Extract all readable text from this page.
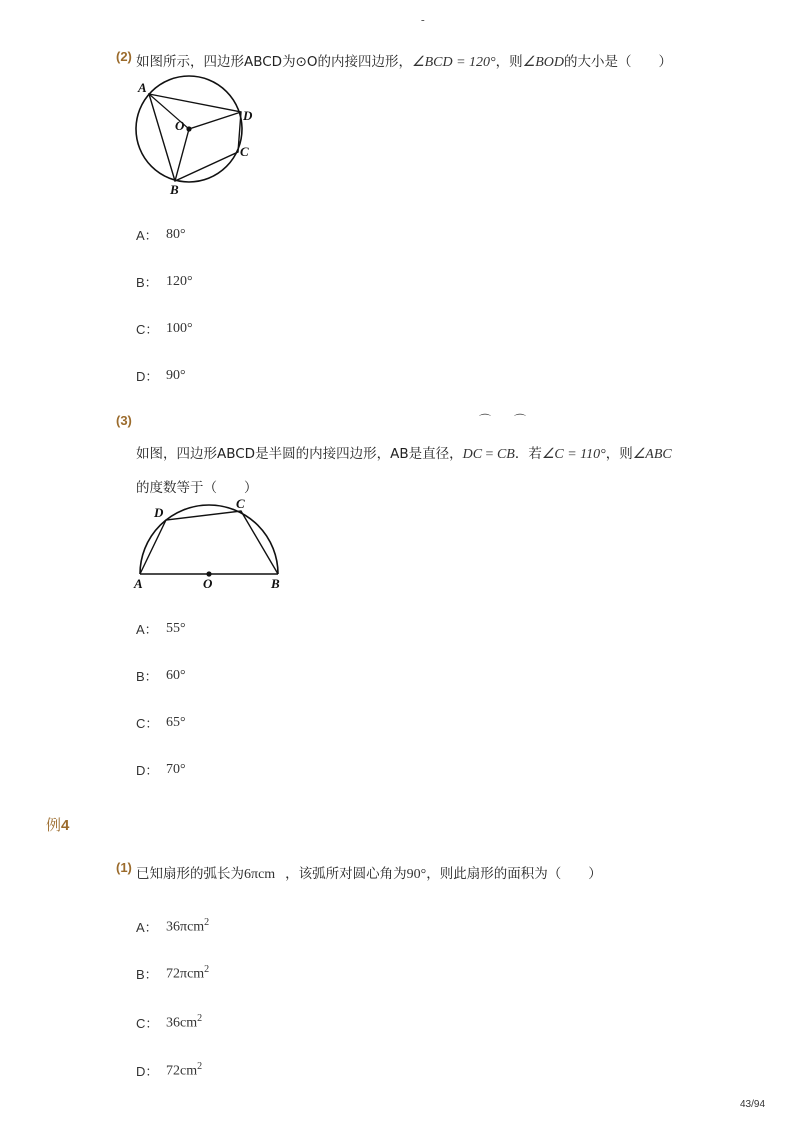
-
(2) 如图所示，四边形ABCD为⊙O的内接四边形，∠BCD = 120°，则∠BOD的大小是（　　）
A
O
D
C
B
A： 80°
B： 120°
C： 100°
D： 90°
(3)	⌒ ⌒
如图，四边形ABCD是半圆的内接四边形，AB是直径，DC = CB．若∠C = 110°，则∠ABC
的度数等于（　　）
D
C
A	O	B
A： 55°
B： 60°
C： 65°
D： 70°
例4
(1) 已知扇形的弧长为6πcm ，该弧所对圆心角为90°，则此扇形的面积为（　　）
A： 36πcm$^2$
B： 72πcm$^2$
C： $36cm^2$
D： $72cm^2$
43/94
